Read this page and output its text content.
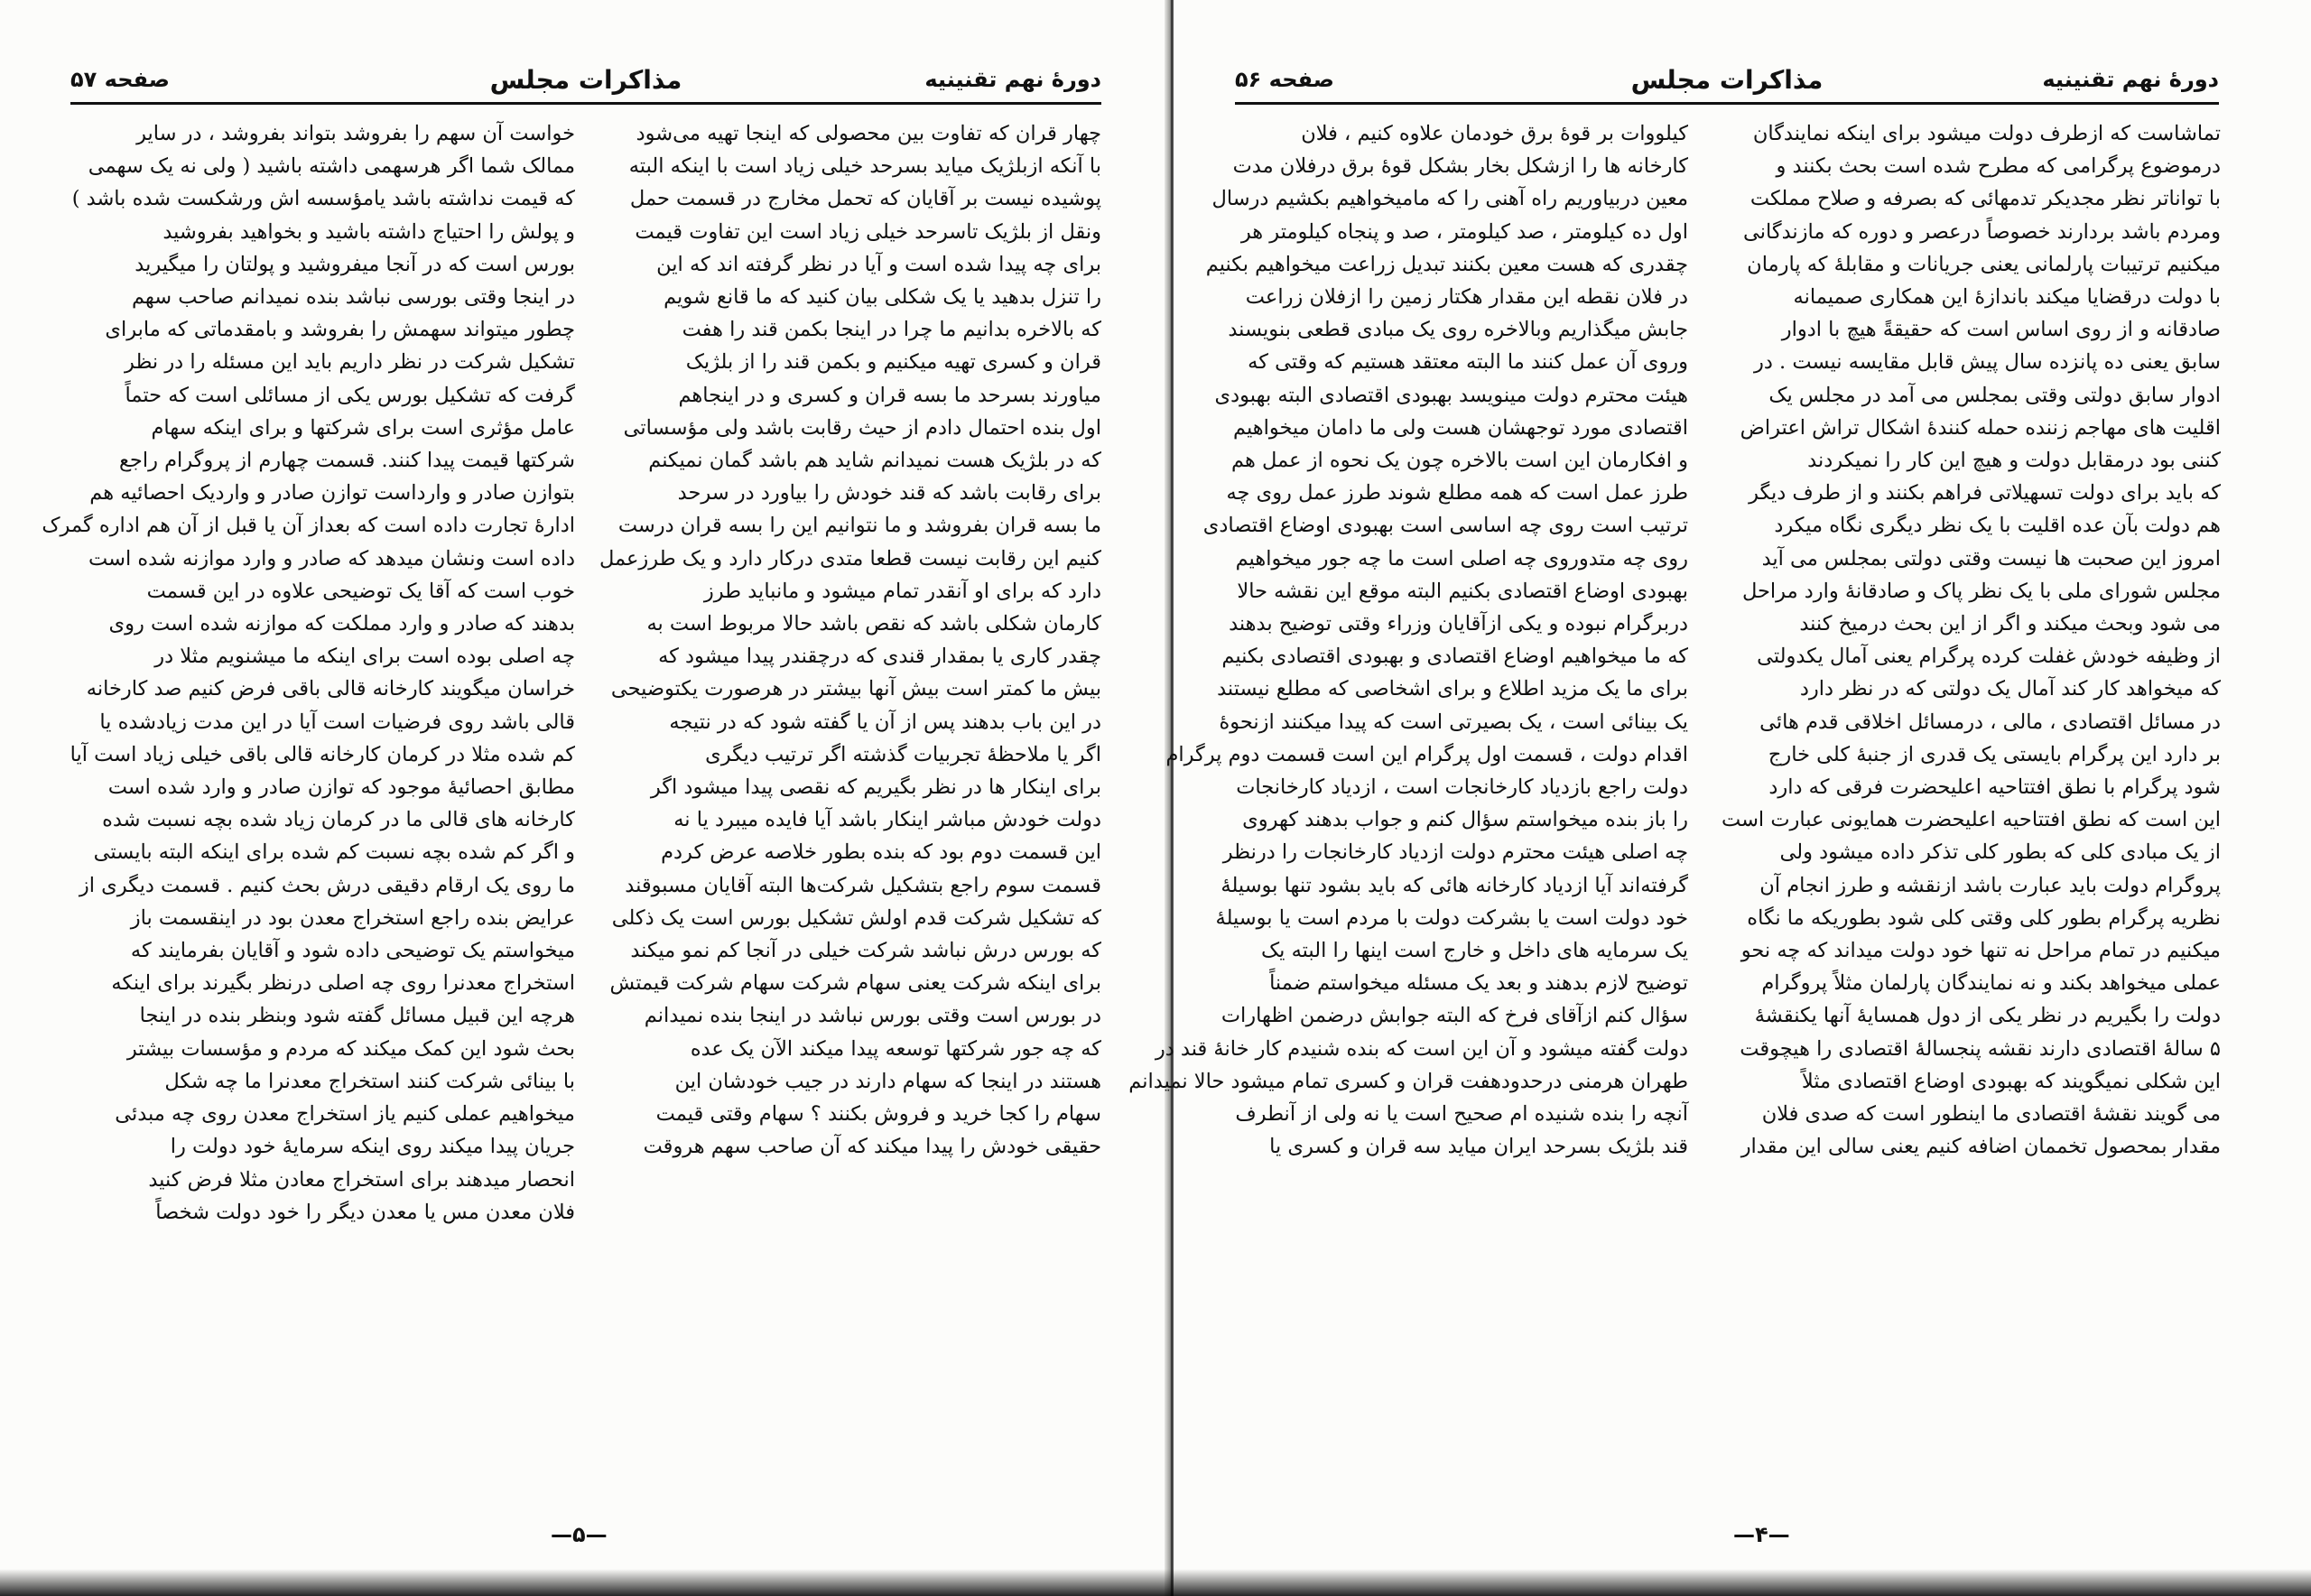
دورهٔ نهم تقنینیه
مذاکرات مجلس
صفحه ۵۷

چهار قران که تفاوت بین محصولی که اینجا تهیه می‌شود

با آنکه ازبلژیک میاید بسرحد خیلی زیاد است با اینکه البته

پوشیده نیست بر آقایان که تحمل مخارج در قسمت حمل

ونقل از بلژیک تاسرحد خیلی زیاد است این تفاوت قیمت

برای چه پیدا شده است و آیا در نظر گرفته اند که این

را تنزل بدهید یا یک شکلی بیان کنید که ما قانع شویم

که بالاخره بدانیم ما چرا در اینجا بکمن قند را هفت

قران و کسری تهیه میکنیم و بکمن قند را از بلژیک

میاورند بسرحد ما بسه قران و کسری و در اینجاهم

اول بنده احتمال دادم از حیث رقابت باشد ولی مؤسساتی

که در بلژیک هست نمیدانم شاید هم باشد گمان نمیکنم

برای رقابت باشد که قند خودش را بیاورد در سرحد

ما بسه قران بفروشد و ما نتوانیم این را بسه قران درست

کنیم این رقابت نیست قطعا متدی درکار دارد و یک طرزعمل

دارد که برای او آنقدر تمام میشود و مانباید طرز

کارمان شکلی باشد که نقص باشد حالا مربوط است به

چقدر کاری یا بمقدار قندی که درچقندر پیدا میشود که

بیش ما کمتر است بیش آنها بیشتر در هرصورت یکتوضیحی

در این باب بدهند پس از آن یا گفته شود که در نتیجه

اگر یا ملاحظهٔ تجربیات گذشته اگر ترتیب دیگری

برای اینکار ها در نظر بگیریم که نقصی پیدا میشود اگر

دولت خودش مباشر اینکار باشد آیا فایده میبرد یا نه

این قسمت دوم بود که بنده بطور خلاصه عرض کردم

قسمت سوم راجع بتشکیل شرکت‌ها البته آقایان مسبوقند

که تشکیل شرکت قدم اولش تشکیل بورس است یک ذکلی

که بورس درش نباشد شرکت خیلی در آنجا کم نمو میکند

برای اینکه شرکت یعنی سهام شرکت سهام شرکت قیمتش

در بورس است وقتی بورس نباشد در اینجا بنده نمیدانم

که چه جور شرکتها توسعه پیدا میکند الآن یک عده

هستند در اینجا که سهام دارند در جیب خودشان این

سهام را کجا خرید و فروش بکنند ؟ سهام وقتی قیمت

حقیقی خودش را پیدا میکند که آن صاحب سهم هروقت

خواست آن سهم را بفروشد بتواند بفروشد ، در سایر

ممالک شما اگر هرسهمی داشته باشید ( ولی نه یک سهمی

که قیمت نداشته باشد یامؤسسه اش ورشکست شده باشد )

و پولش را احتیاج داشته باشید و بخواهید بفروشید

بورس است که در آنجا میفروشید و پولتان را میگیرید

در اینجا وقتی بورسی نباشد بنده نمیدانم صاحب سهم

چطور میتواند سهمش را بفروشد و بامقدماتی که مابرای

تشکیل شرکت در نظر داریم باید این مسئله را در نظر

گرفت که تشکیل بورس یکی از مسائلی است که حتماً

عامل مؤثری است برای شرکتها و برای اینکه سهام

شرکتها قیمت پیدا کنند. قسمت چهارم از پروگرام راجع

بتوازن صادر و وارداست توازن صادر و واردیک احصائیه هم

ادارهٔ تجارت داده است که بعداز آن یا قبل از آن هم اداره گمرک

داده است ونشان میدهد که صادر و وارد موازنه شده است

خوب است که آقا یک توضیحی علاوه در این قسمت

بدهند که صادر و وارد مملکت که موازنه شده است روی

چه اصلی بوده است برای اینکه ما میشنویم مثلا در

خراسان میگویند کارخانه قالی باقی فرض کنیم صد کارخانه

قالی باشد روی فرضیات است آیا در این مدت زیادشده یا

کم شده مثلا در کرمان کارخانه قالی باقی خیلی زیاد است آیا

مطابق احصائیهٔ موجود که توازن صادر و وارد شده است

کارخانه های قالی ما در کرمان زیاد شده بچه نسبت شده

و اگر کم شده بچه نسبت کم شده برای اینکه البته بایستی

ما روی یک ارقام دقیقی درش بحث کنیم . قسمت دیگری از

عرایض بنده راجع استخراج معدن بود در اینقسمت باز

میخواستم یک توضیحی داده شود و آقایان بفرمایند که

استخراج معدنرا روی چه اصلی درنظر بگیرند برای اینکه

هرچه این قبیل مسائل گفته شود وبنظر بنده در اینجا

بحث شود این کمک میکند که مردم و مؤسسات بیشتر

با بینائی شرکت کنند استخراج معدنرا ما چه شکل

میخواهیم عملی کنیم یاز استخراج معدن روی چه مبدئی

جریان پیدا میکند روی اینکه سرمایهٔ خود دولت را

انحصار میدهند برای استخراج معادن مثلا فرض کنید

فلان معدن مس یا معدن دیگر را خود دولت شخصاً

—۵—
دورهٔ نهم تقنینیه
مذاکرات مجلس
صفحه ۵۶

تماشاست که ازطرف دولت میشود برای اینکه نمایندگان

درموضوع پرگرامی که مطرح شده است بحث بکنند و

با تواناتر نظر مجدیکر تدمهائی که بصرفه و صلاح مملکت

ومردم باشد بردارند خصوصاً درعصر و دوره که مازندگانی

میکنیم ترتیبات پارلمانی یعنی جریانات و مقابلهٔ که پارمان

با دولت درقضایا میکند باندازهٔ این همکاری صمیمانه

صادقانه و از روی اساس است که حقیقةً هیچ با ادوار

سابق یعنی ده پانزده سال پیش قابل مقایسه نیست . در

ادوار سابق دولتی وقتی بمجلس می آمد در مجلس یک

اقلیت های مهاجم زننده حمله کنندهٔ اشکال تراش اعتراض

کننی بود درمقابل دولت و هیچ این کار را نمیکردند

که باید برای دولت تسهیلاتی فراهم بکنند و از طرف دیگر

هم دولت بآن عده اقلیت با یک نظر دیگری نگاه میکرد

امروز این صحبت ها نیست وقتی دولتی بمجلس می آید

مجلس شورای ملی با یک نظر پاک و صادقانهٔ وارد مراحل

می شود وبحث میکند و اگر از این بحث درمیخ کنند

از وظیفه خودش غفلت کرده پرگرام یعنی آمال یکدولتی

که میخواهد کار کند آمال یک دولتی که در نظر دارد

در مسائل اقتصادی ، مالی ، درمسائل اخلاقی قدم هائی

بر دارد این پرگرام بایستی یک قدری از جنبهٔ کلی خارج

شود پرگرام با نطق افتتاحیه اعلیحضرت فرقی که دارد

این است که نطق افتتاحیه اعلیحضرت همایونی عبارت است

از یک مبادی کلی که بطور کلی تذکر داده میشود ولی

پروگرام دولت باید عبارت باشد ازنقشه و طرز انجام آن

نظریه پرگرام بطور کلی وقتی کلی شود بطوریکه ما نگاه

میکنیم در تمام مراحل نه تنها خود دولت میداند که چه نحو

عملی میخواهد بکند و نه نمایندگان پارلمان مثلاً پروگرام

دولت را بگیریم در نظر یکی از دول همسایهٔ آنها یکنقشهٔ

۵ سالهٔ اقتصادی دارند نقشه پنجسالهٔ اقتصادی را هیچوقت

این شکلی نمیگویند که بهبودی اوضاع اقتصادی مثلاً

می گویند نقشهٔ اقتصادی ما اینطور است که صدی فلان

مقدار بمحصول تخممان اضافه کنیم یعنی سالی این مقدار

کیلووات بر قوهٔ برق خودمان علاوه کنیم ، فلان

کارخانه ها را ازشکل بخار بشکل قوهٔ برق درفلان مدت

معین دربیاوریم راه آهنی را که مامیخواهیم بکشیم درسال

اول ده کیلومتر ، صد کیلومتر ، صد و پنجاه کیلومتر هر

چقدری که هست معین بکنند تبدیل زراعت میخواهیم بکنیم

در فلان نقطه این مقدار هکتار زمین را ازفلان زراعت

جابش میگذاریم وبالاخره روی یک مبادی قطعی بنویسند

وروی آن عمل کنند ما البته معتقد هستیم که وقتی که

هیئت محترم دولت مینویسد بهبودی اقتصادی البته بهبودی

اقتصادی مورد توجهشان هست ولی ما دامان میخواهیم

و افکارمان این است بالاخره چون یک نحوه از عمل هم

طرز عمل است که همه مطلع شوند طرز عمل روی چه

ترتیب است روی چه اساسی است بهبودی اوضاع اقتصادی

روی چه متدوروی چه اصلی است ما چه جور میخواهیم

بهبودی اوضاع اقتصادی بکنیم البته موقع این نقشه حالا

دربرگرام نبوده و یکی ازآقایان وزراء وقتی توضیح بدهند

که ما میخواهیم اوضاع اقتصادی و بهبودی اقتصادی بکنیم

برای ما یک مزید اطلاع و برای اشخاصی که مطلع نیستند

یک بینائی است ، یک بصیرتی است که پیدا میکنند ازنحوهٔ

اقدام دولت ، قسمت اول پرگرام این است قسمت دوم پرگرام

دولت راجع بازدیاد کارخانجات است ، ازدیاد کارخانجات

را باز بنده میخواستم سؤال کنم و جواب بدهند کهروی

چه اصلی هیئت محترم دولت ازدیاد کارخانجات را درنظر

گرفته‌اند آیا ازدیاد کارخانه هائی که باید بشود تنها بوسیلهٔ

خود دولت است یا بشرکت دولت با مردم است یا بوسیلهٔ

یک سرمایه های داخل و خارج است اینها را البته یک

توضیح لازم بدهند و بعد یک مسئله میخواستم ضمناً

سؤال کنم ازآقای فرخ که البته جوابش درضمن اظهارات

دولت گفته میشود و آن این است که بنده شنیدم کار خانهٔ قند در

طهران هرمنی درحدودهفت قران و کسری تمام میشود حالا نمیدانم

آنچه را بنده شنیده ام صحیح است یا نه ولی از آنطرف

قند بلژیک بسرحد ایران میاید سه قران و کسری یا

—۴—
